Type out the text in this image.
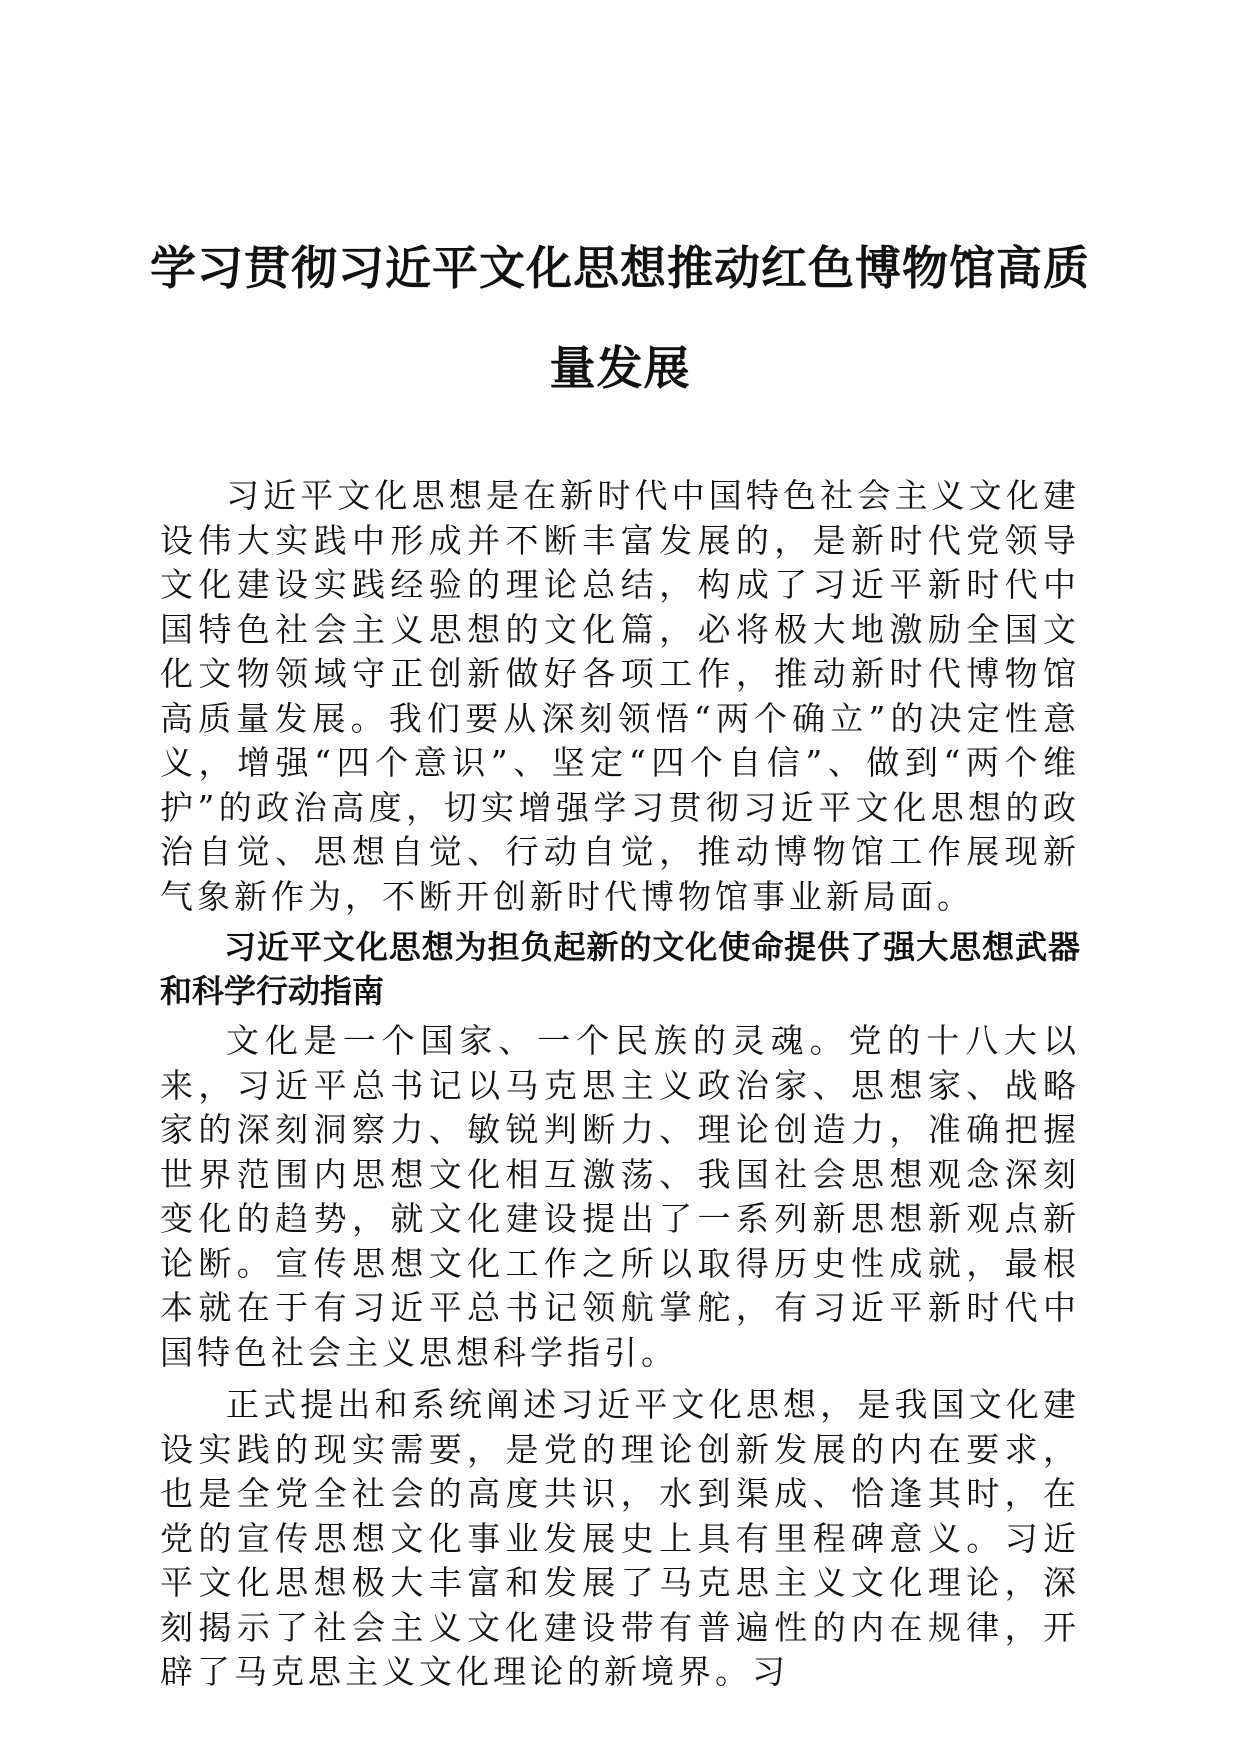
学习贯彻习近平文化思想推动红色博物馆高质量发展

习近平文化思想是在新时代中国特色社会主义文化建设伟大实践中形成并不断丰富发展的，是新时代党领导文化建设实践经验的理论总结，构成了习近平新时代中国特色社会主义思想的文化篇，必将极大地激励全国文化文物领域守正创新做好各项工作，推动新时代博物馆高质量发展。我们要从深刻领悟“两个确立”的决定性意义，增强“四个意识”、坚定“四个自信”、做到“两个维护”的政治高度，切实增强学习贯彻习近平文化思想的政治自觉、思想自觉、行动自觉，推动博物馆工作展现新气象新作为，不断开创新时代博物馆事业新局面。

习近平文化思想为担负起新的文化使命提供了强大思想武器和科学行动指南

文化是一个国家、一个民族的灵魂。党的十八大以来，习近平总书记以马克思主义政治家、思想家、战略家的深刻洞察力、敏锐判断力、理论创造力，准确把握世界范围内思想文化相互激荡、我国社会思想观念深刻变化的趋势，就文化建设提出了一系列新思想新观点新论断。宣传思想文化工作之所以取得历史性成就，最根本就在于有习近平总书记领航掌舵，有习近平新时代中国特色社会主义思想科学指引。

正式提出和系统阐述习近平文化思想，是我国文化建设实践的现实需要，是党的理论创新发展的内在要求，也是全党全社会的高度共识，水到渠成、恰逢其时，在党的宣传思想文化事业发展史上具有里程碑意义。习近平文化思想极大丰富和发展了马克思主义文化理论，深刻揭示了社会主义文化建设带有普遍性的内在规律，开辟了马克思主义文化理论的新境界。习
